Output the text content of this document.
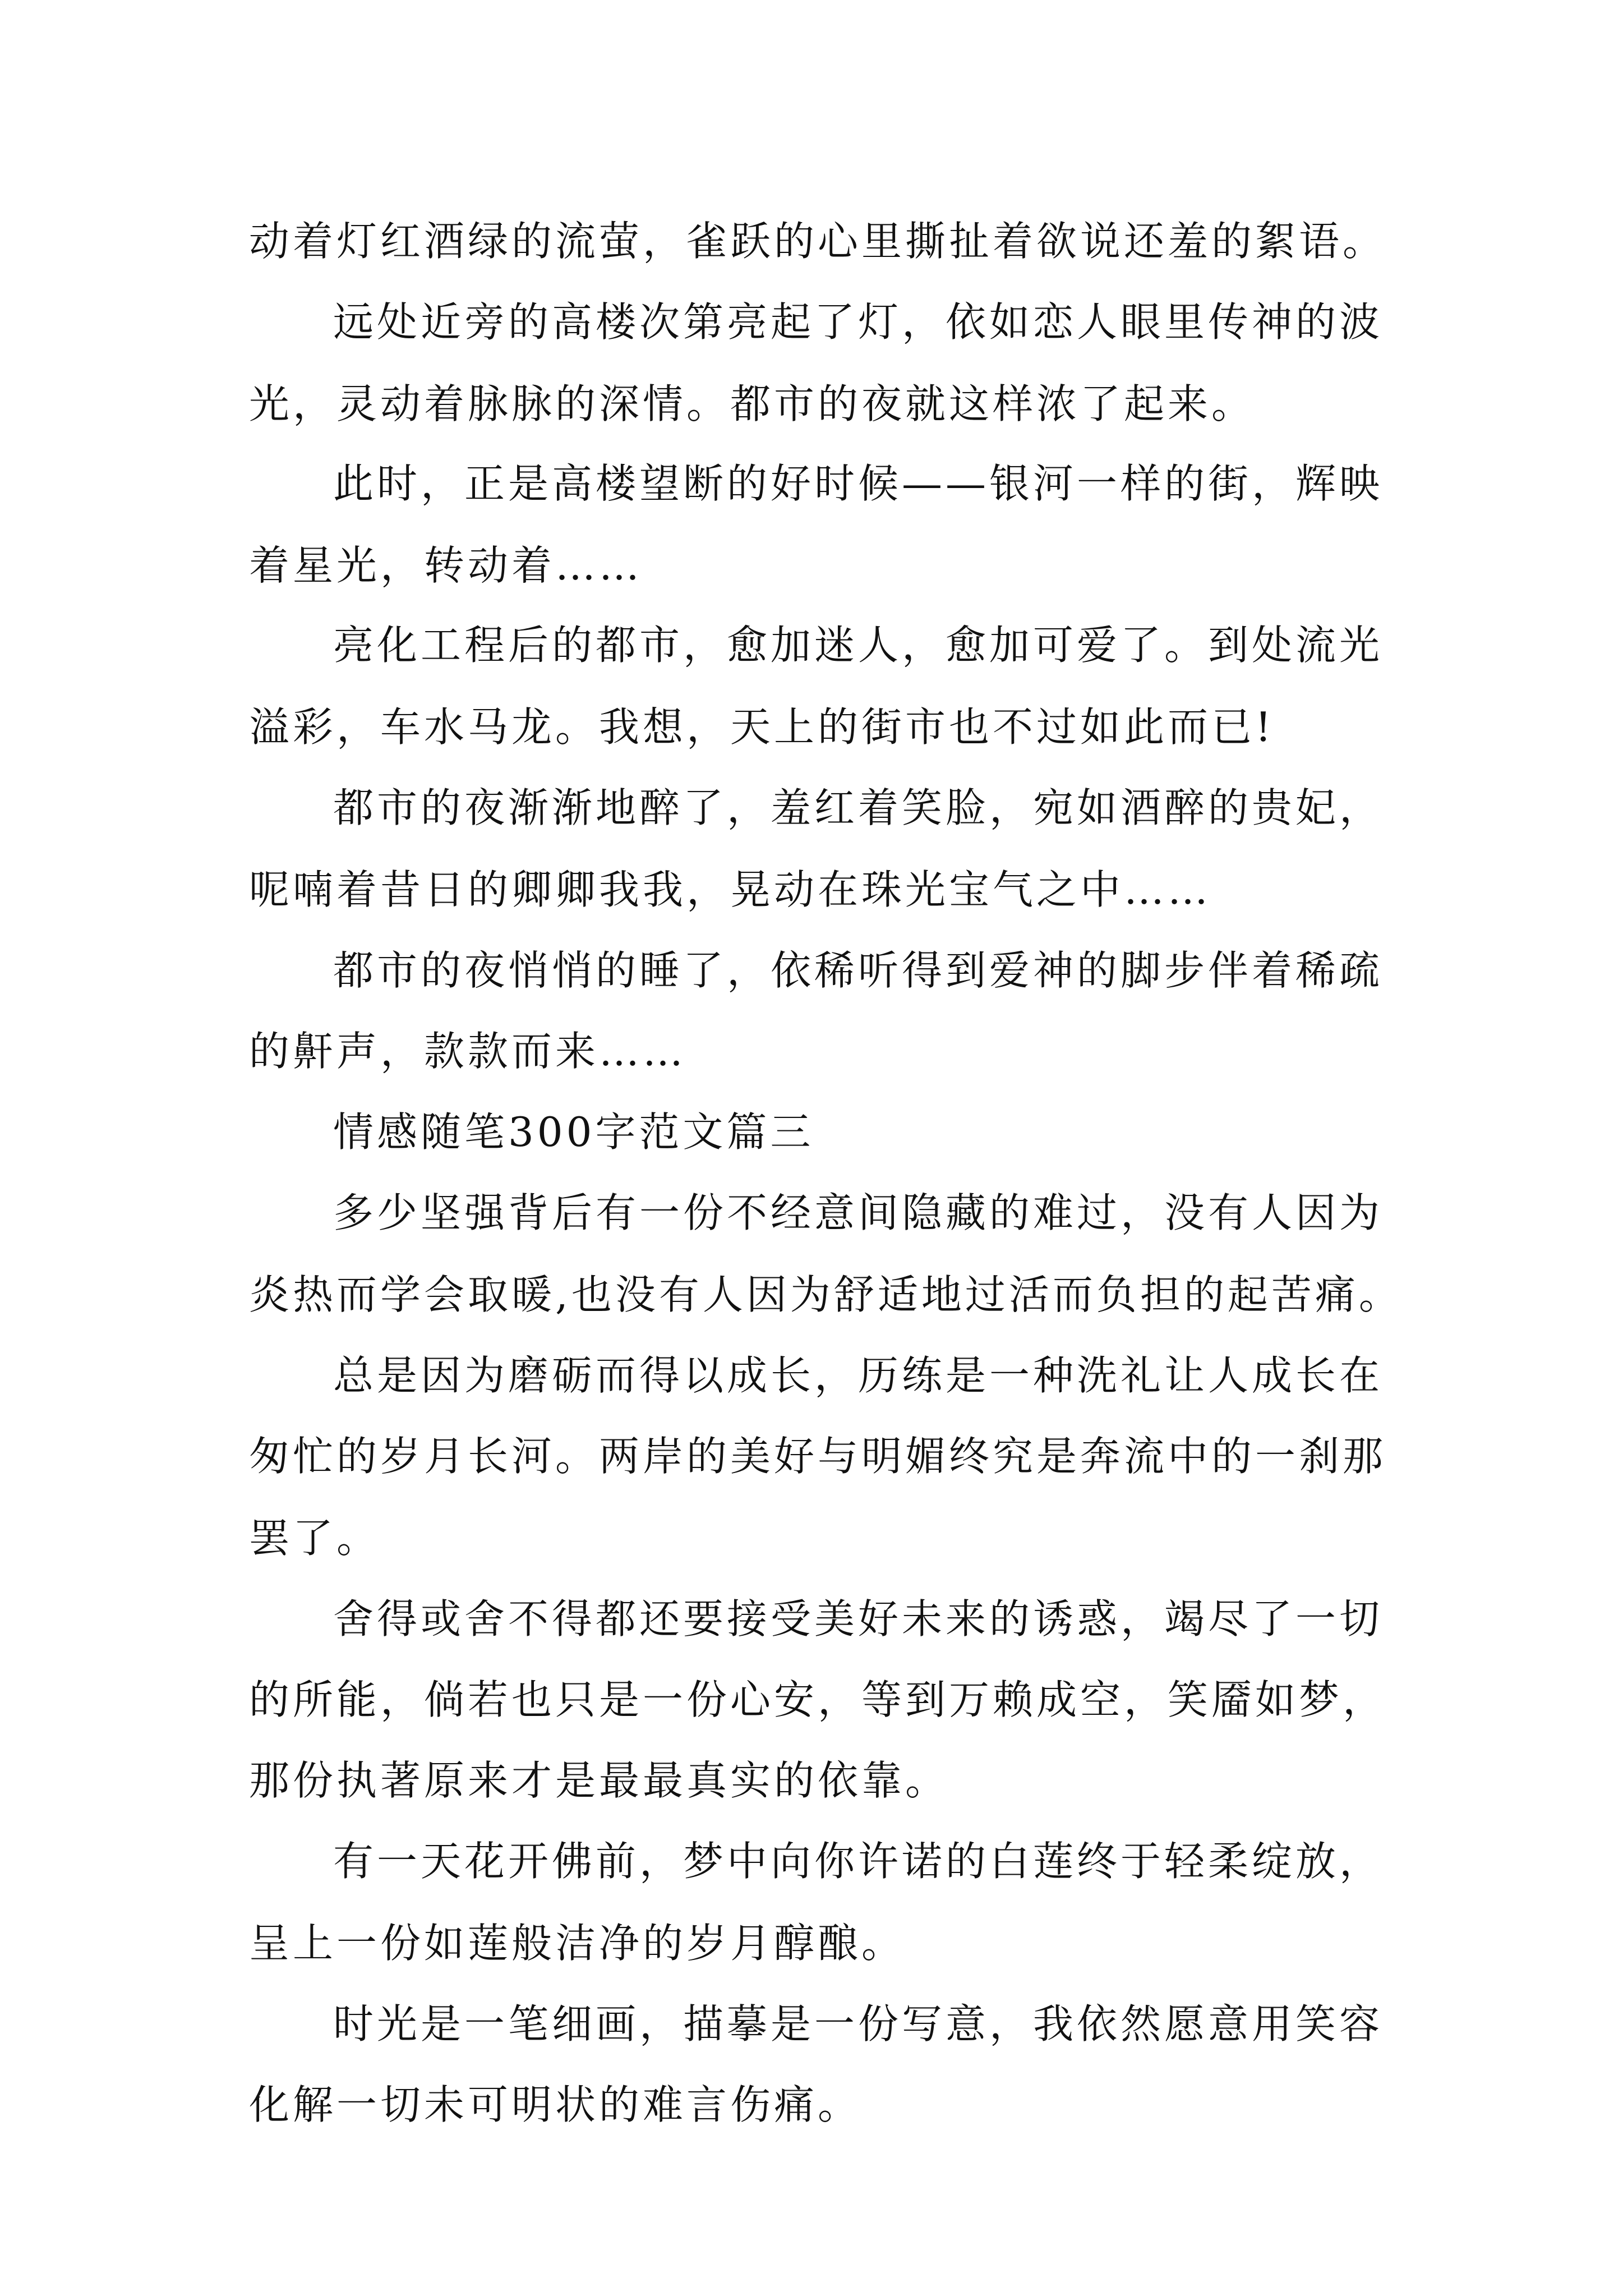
动着灯红酒绿的流萤，雀跃的心里撕扯着欲说还羞的絮语。
远处近旁的高楼次第亮起了灯，依如恋人眼里传神的波
光，灵动着脉脉的深情。都市的夜就这样浓了起来。
此时，正是高楼望断的好时候——银河一样的街，辉映
着星光，转动着……
亮化工程后的都市，愈加迷人，愈加可爱了。到处流光
溢彩，车水马龙。我想，天上的街市也不过如此而已!
都市的夜渐渐地醉了，羞红着笑脸，宛如酒醉的贵妃，
呢喃着昔日的卿卿我我，晃动在珠光宝气之中……
都市的夜悄悄的睡了，依稀听得到爱神的脚步伴着稀疏
的鼾声，款款而来……
情感随笔300字范文篇三
多少坚强背后有一份不经意间隐藏的难过，没有人因为
炎热而学会取暖,也没有人因为舒适地过活而负担的起苦痛。
总是因为磨砺而得以成长，历练是一种洗礼让人成长在
匆忙的岁月长河。两岸的美好与明媚终究是奔流中的一刹那
罢了。
舍得或舍不得都还要接受美好未来的诱惑，竭尽了一切
的所能，倘若也只是一份心安，等到万赖成空，笑靥如梦，
那份执著原来才是最最真实的依靠。
有一天花开佛前，梦中向你许诺的白莲终于轻柔绽放，
呈上一份如莲般洁净的岁月醇酿。
时光是一笔细画，描摹是一份写意，我依然愿意用笑容
化解一切未可明状的难言伤痛。
